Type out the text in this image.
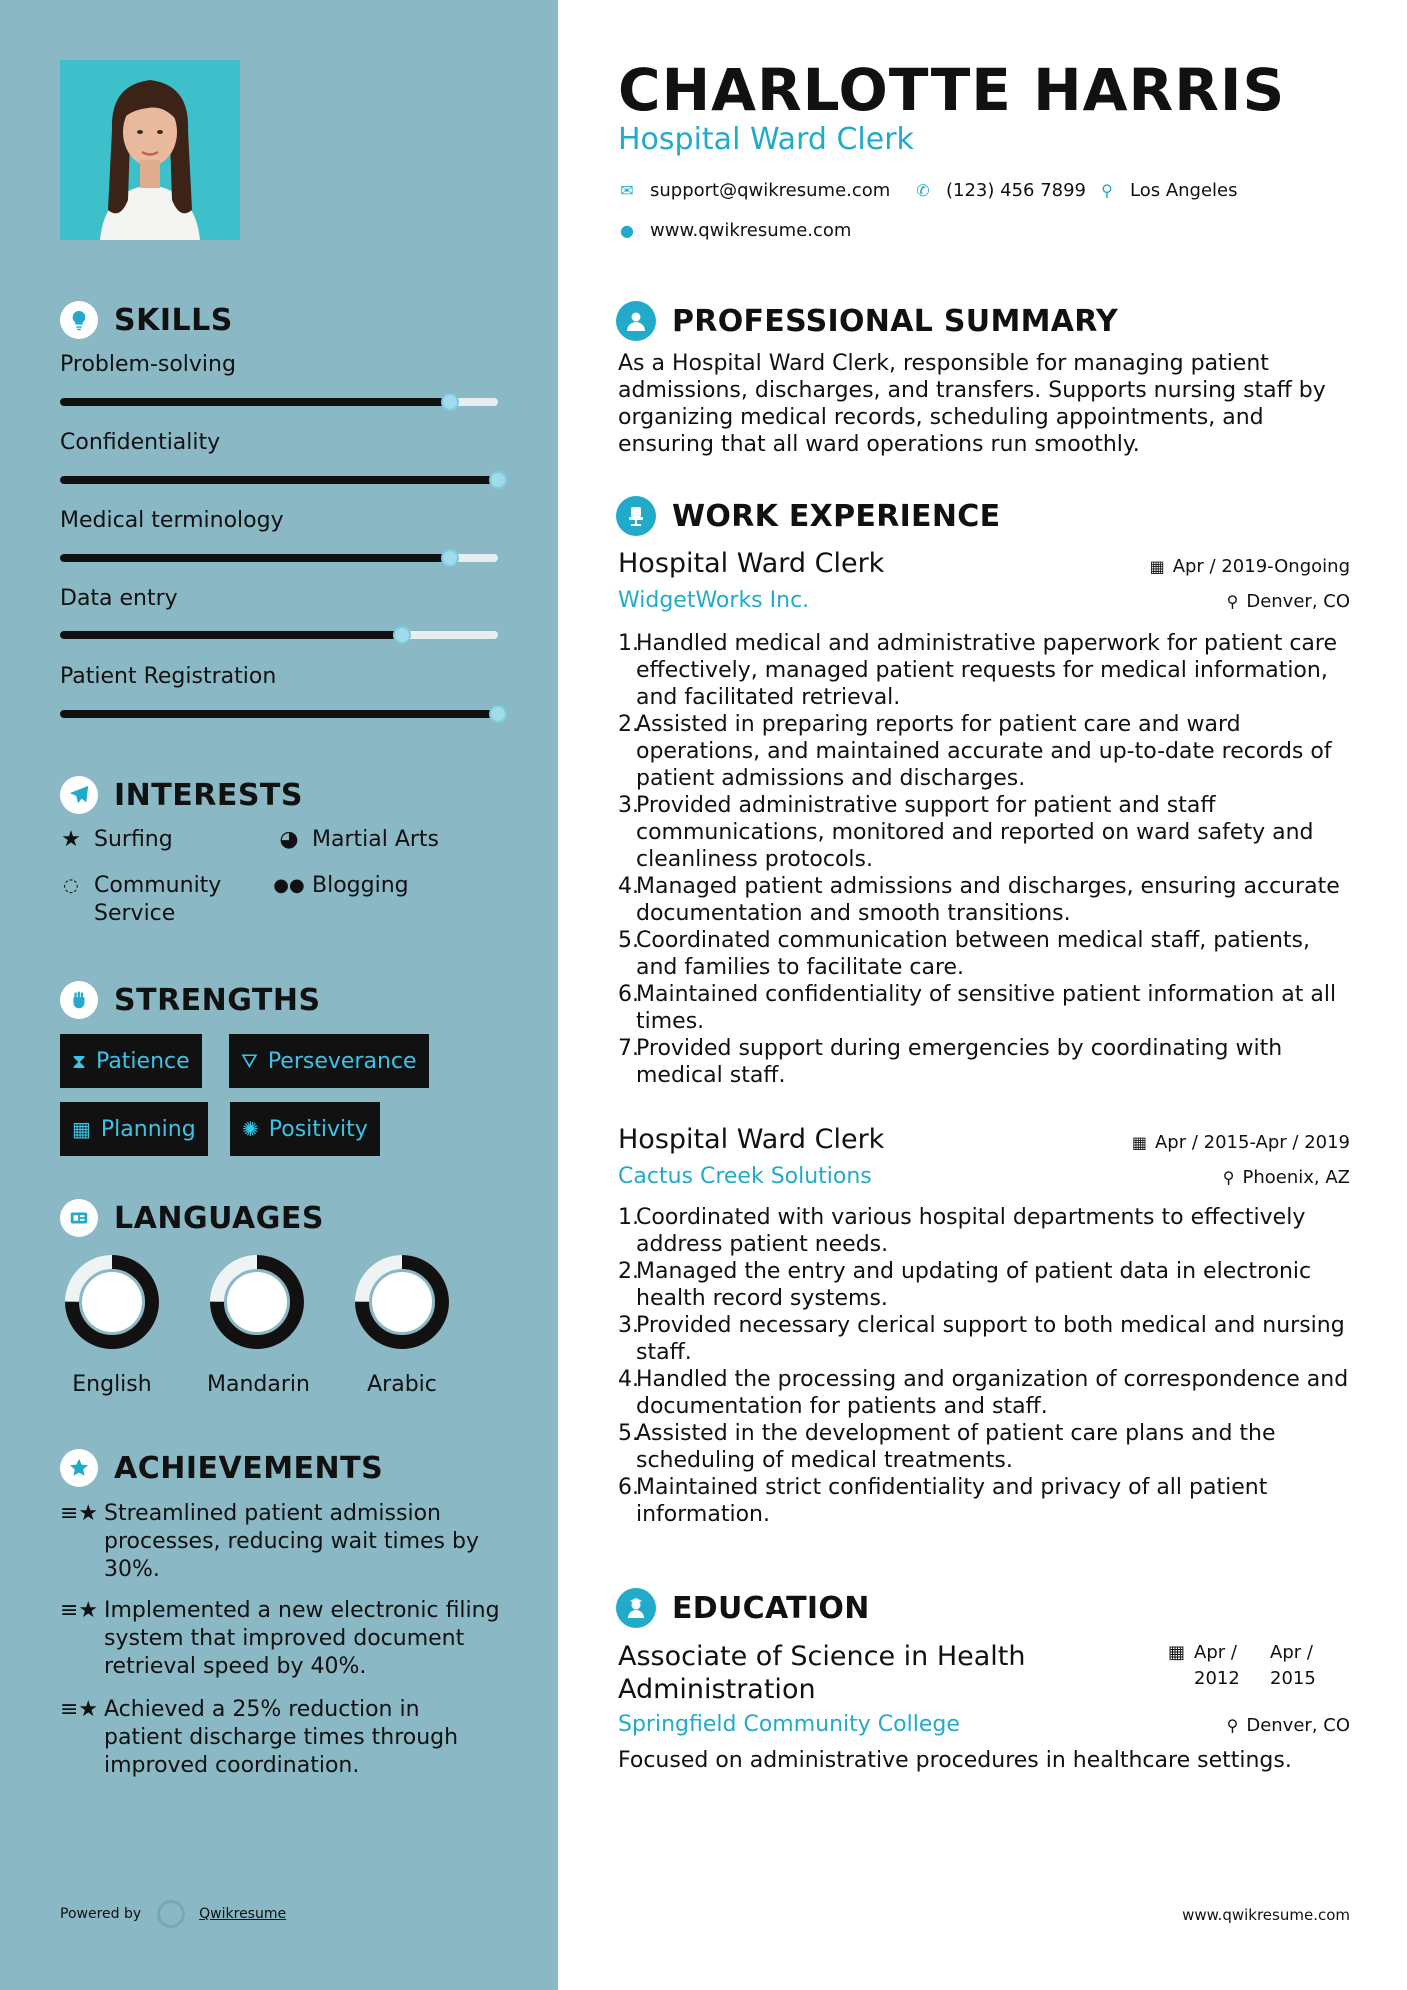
SKILLS
Problem-solving
Confidentiality
Medical terminology
Data entry
Patient Registration
INTERESTS
★ Surfing	◕ Martial Arts
◌ Community Service
●● Blogging
STRENGTHS
⧗ Patience	⛛ Perseverance
▦ Planning ✺ Positivity
LANGUAGES
English	Mandarin	Arabic
ACHIEVEMENTS
≡★ Streamlined patient admission processes, reducing wait times by 30%.
≡★ Implemented a new electronic filing system that improved document retrieval speed by 40%.
≡★ Achieved a 25% reduction in patient discharge times through improved coordination.
Powered by	Qwikresume
CHARLOTTE HARRIS
Hospital Ward Clerk
✉ support@qwikresume.com ✆ (123) 456 7899 ⚲ Los Angeles
● www.qwikresume.com
PROFESSIONAL SUMMARY
As a Hospital Ward Clerk, responsible for managing patient admissions, discharges, and transfers. Supports nursing staff by organizing medical records, scheduling appointments, and ensuring that all ward operations run smoothly.
WORK EXPERIENCE
Hospital Ward Clerk	▦ Apr / 2019-Ongoing
WidgetWorks Inc.	⚲ Denver, CO
1.
Handled medical and administrative paperwork for patient care effectively, managed patient requests for medical information, and facilitated retrieval.
2.
Assisted in preparing reports for patient care and ward operations, and maintained accurate and up-to-date records of patient admissions and discharges.
3.
Provided administrative support for patient and staff communications, monitored and reported on ward safety and cleanliness protocols.
4.
Managed patient admissions and discharges, ensuring accurate documentation and smooth transitions.
5.
Coordinated communication between medical staff, patients, and families to facilitate care.
6.
Maintained confidentiality of sensitive patient information at all times.
7.
Provided support during emergencies by coordinating with medical staff.
Hospital Ward Clerk	▦ Apr / 2015-Apr / 2019
Cactus Creek Solutions	⚲ Phoenix, AZ
1.
Coordinated with various hospital departments to effectively address patient needs.
2.
Managed the entry and updating of patient data in electronic health record systems.
3.
Provided necessary clerical support to both medical and nursing staff.
4.
Handled the processing and organization of correspondence and documentation for patients and staff.
5.
Assisted in the development of patient care plans and the scheduling of medical treatments.
6.
Maintained strict confidentiality and privacy of all patient information.
EDUCATION
Associate of Science in Health Administration
▦ Apr / 2012
Apr / 2015
Springfield Community College	⚲ Denver, CO
Focused on administrative procedures in healthcare settings.
www.qwikresume.com
